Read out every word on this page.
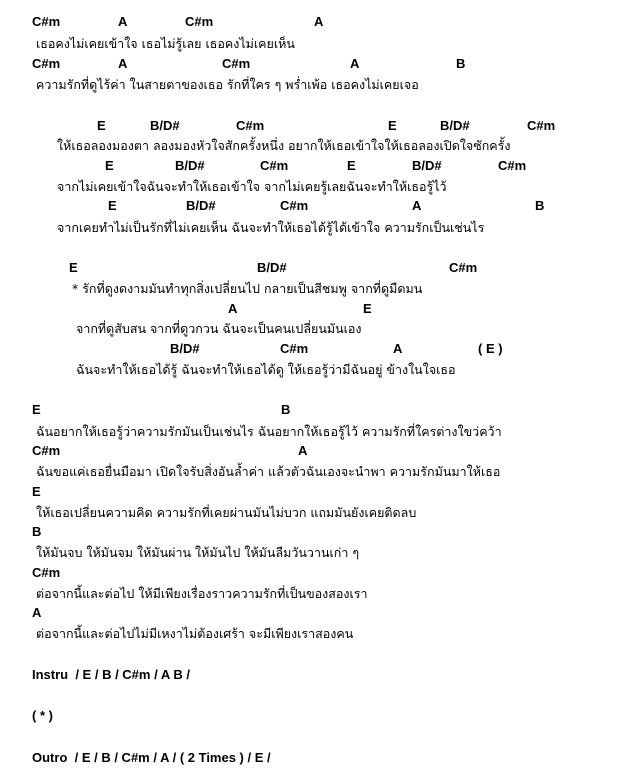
C#m	A	C#m	A
เธอคงไม่เคยเข้าใจ เธอไม่รู้เลย เธอคงไม่เคยเห็น
C#m	A	C#m	A	B
ความรักที่ดูไร้ค่า ในสายตาของเธอ รักที่ใคร ๆ พร่ำเพ้อ เธอคงไม่เคยเจอ
E	B/D#	C#m	E	B/D#	C#m
ให้เธอลองมองตา ลองมองหัวใจสักครั้งหนึ่ง อยากให้เธอเข้าใจให้เธอลองเปิดใจซักครั้ง
E	B/D#	C#m	E	B/D#	C#m
จากไม่เคยเข้าใจฉันจะทำให้เธอเข้าใจ จากไม่เคยรู้เลยฉันจะทำให้เธอรู้ไว้
E	B/D#	C#m	A	B
จากเคยทำไม่เป็นรักที่ไม่เคยเห็น ฉันจะทำให้เธอได้รู้ได้เข้าใจ ความรักเป็นเช่นไร
E	B/D#	C#m
* รักที่ดูงดงามมันทำทุกสิ่งเปลี่ยนไป กลายเป็นสีชมพู จากที่ดูมืดมน
A	E
จากที่ดูสับสน จากที่ดูวกวน ฉันจะเป็นคนเปลี่ยนมันเอง
B/D#	C#m	A	( E )
ฉันจะทำให้เธอได้รู้ ฉันจะทำให้เธอได้ดู ให้เธอรู้ว่ามีฉันอยู่ ข้างในใจเธอ
E	B
ฉันอยากให้เธอรู้ว่าความรักมันเป็นเช่นไร ฉันอยากให้เธอรู้ไว้ ความรักที่ใครต่างใขว่คว้า
C#m	A
ฉันขอแค่เธอยื่นมือมา เปิดใจรับสิ่งอันล้ำค่า แล้วตัวฉันเองจะนำพา ความรักมันมาให้เธอ
E
ให้เธอเปลี่ยนความคิด ความรักที่เคยผ่านมันไม่บวก แถมมันยังเคยติดลบ
B
ให้มันจบ ให้มันจม ให้มันผ่าน ให้มันไป ให้มันลืมวันวานเก่า ๆ
C#m
ต่อจากนี้และต่อไป ให้มีเพียงเรื่องราวความรักที่เป็นของสองเรา
A
ต่อจากนี้และต่อไปไม่มีเหงาไม่ต้องเศร้า จะมีเพียงเราสองคน
Instru  / E / B / C#m / A B /
( * )
Outro  / E / B / C#m / A / ( 2 Times ) / E /
